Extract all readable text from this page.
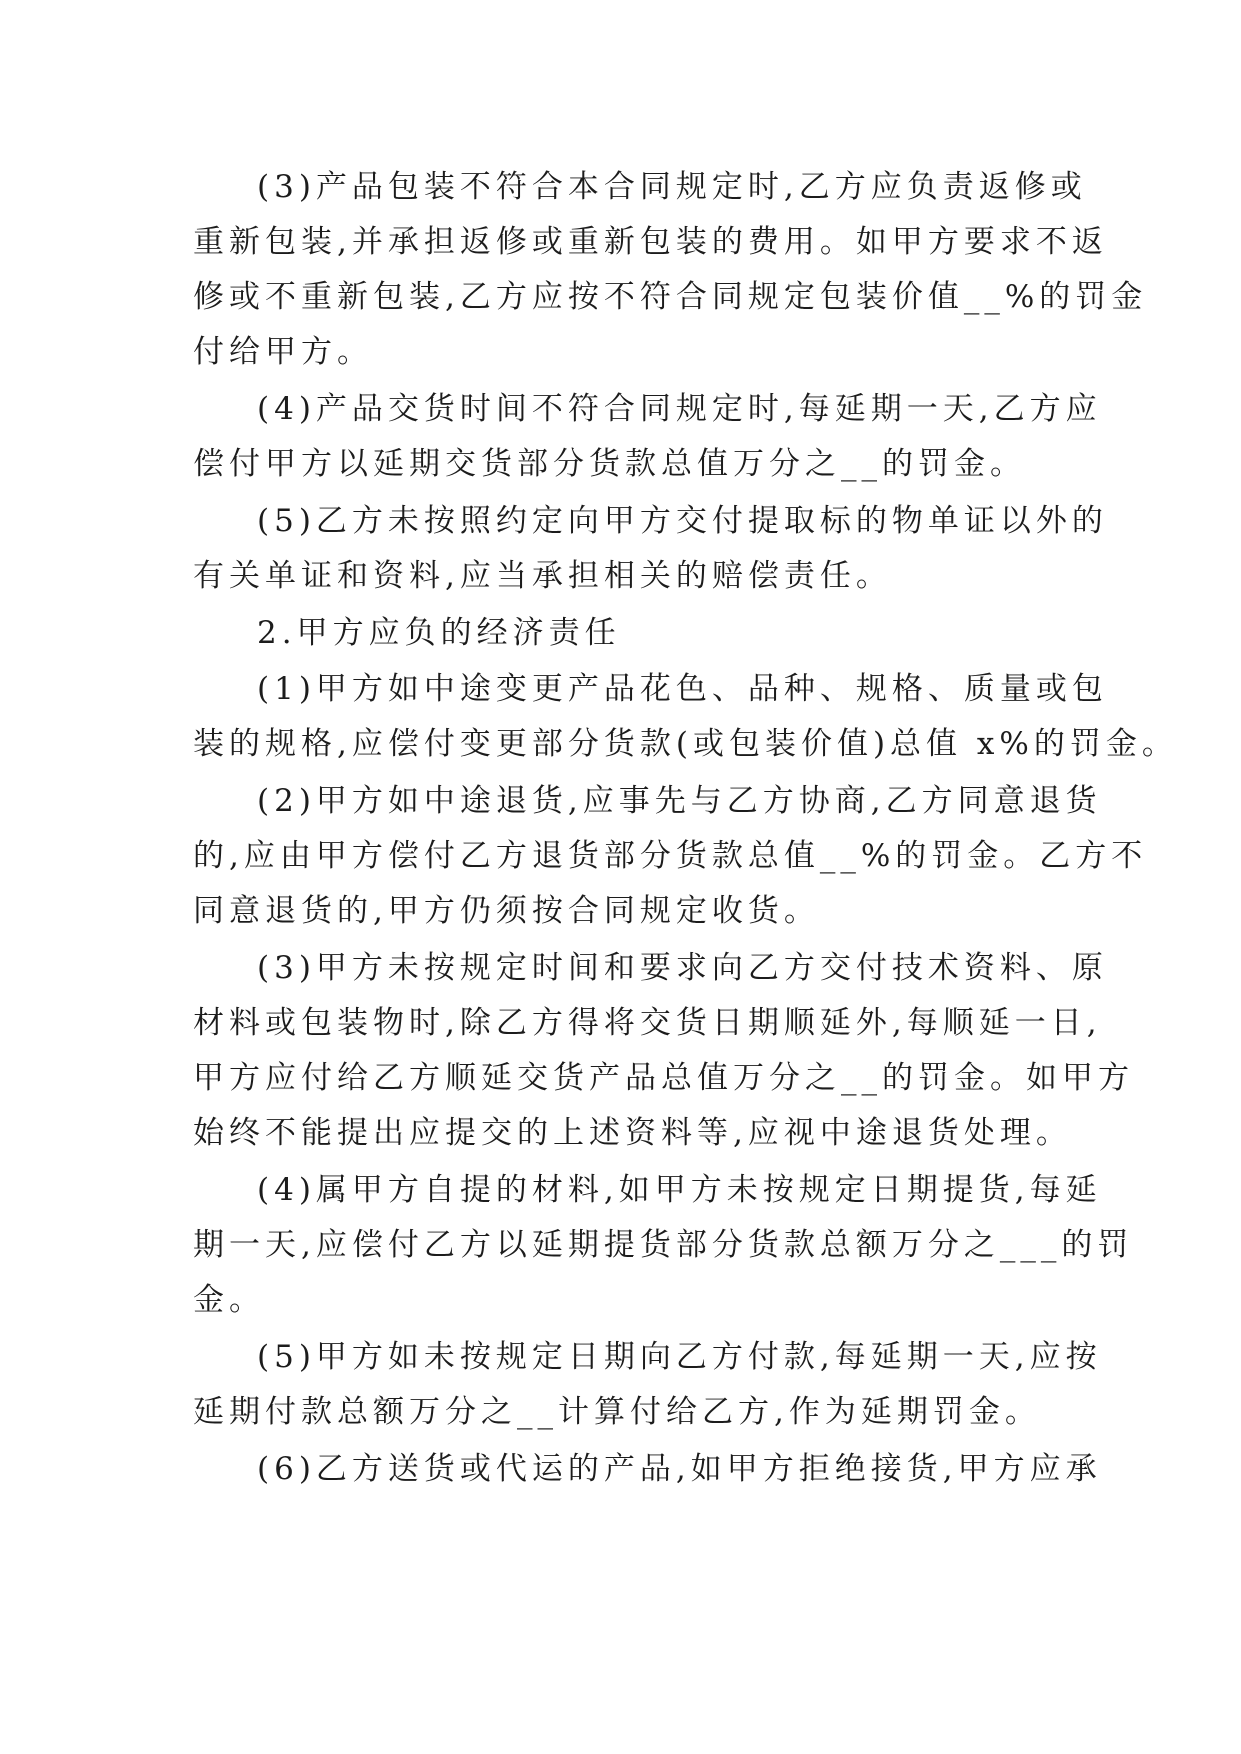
(3)产品包装不符合本合同规定时,乙方应负责返修或
重新包装,并承担返修或重新包装的费用。如甲方要求不返
修或不重新包装,乙方应按不符合同规定包装价值__%的罚金
付给甲方。
(4)产品交货时间不符合同规定时,每延期一天,乙方应
偿付甲方以延期交货部分货款总值万分之__的罚金。
(5)乙方未按照约定向甲方交付提取标的物单证以外的
有关单证和资料,应当承担相关的赔偿责任。
2.甲方应负的经济责任
(1)甲方如中途变更产品花色、品种、规格、质量或包
装的规格,应偿付变更部分货款(或包装价值)总值 x%的罚金。
(2)甲方如中途退货,应事先与乙方协商,乙方同意退货
的,应由甲方偿付乙方退货部分货款总值__%的罚金。乙方不
同意退货的,甲方仍须按合同规定收货。
(3)甲方未按规定时间和要求向乙方交付技术资料、原
材料或包装物时,除乙方得将交货日期顺延外,每顺延一日,
甲方应付给乙方顺延交货产品总值万分之__的罚金。如甲方
始终不能提出应提交的上述资料等,应视中途退货处理。
(4)属甲方自提的材料,如甲方未按规定日期提货,每延
期一天,应偿付乙方以延期提货部分货款总额万分之___的罚
金。
(5)甲方如未按规定日期向乙方付款,每延期一天,应按
延期付款总额万分之__计算付给乙方,作为延期罚金。
(6)乙方送货或代运的产品,如甲方拒绝接货,甲方应承
